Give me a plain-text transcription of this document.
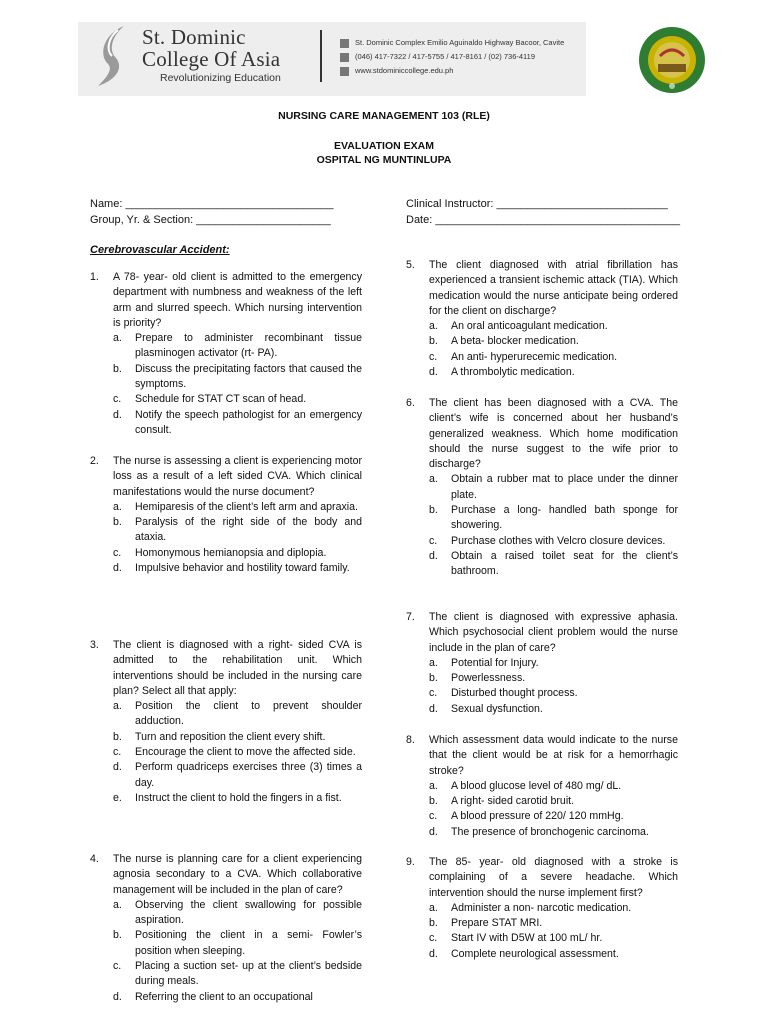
St. Dominic
College Of Asia
Revolutionizing Education
St. Dominic Complex Emilio Aguinaldo Highway Bacoor, Cavite
(046) 417-7322 / 417-5755 / 417-8161 / (02) 736-4119
www.stdominiccollege.edu.ph
NURSING CARE MANAGEMENT 103 (RLE)
EVALUATION EXAM
OSPITAL NG MUNTINLUPA
Name: __________________________________
Group, Yr. & Section: ______________________
Clinical Instructor: ____________________________
Date: ________________________________________
Cerebrovascular Accident:
1.	A 78- year- old client is admitted to the emergency department with numbness and weakness of the left arm and slurred speech. Which nursing intervention is priority?
a. Prepare to administer recombinant tissue plasminogen activator (rt- PA).
b. Discuss the precipitating factors that caused the symptoms.
c. Schedule for STAT CT scan of head.
d. Notify the speech pathologist for an emergency consult.
2.	The nurse is assessing a client is experiencing motor loss as a result of a left sided CVA. Which clinical manifestations would the nurse document?
a. Hemiparesis of the client’s left arm and apraxia.
b. Paralysis of the right side of the body and ataxia.
c. Homonymous hemianopsia and diplopia.
d. Impulsive behavior and hostility toward family.
3.	The client is diagnosed with a right- sided CVA is admitted to the rehabilitation unit. Which interventions should be included in the nursing care plan? Select all that apply:
a. Position the client to prevent shoulder adduction.
b. Turn and reposition the client every shift.
c. Encourage the client to move the affected side.
d. Perform quadriceps exercises three (3) times a day.
e. Instruct the client to hold the fingers in a fist.
4.	The nurse is planning care for a client experiencing agnosia secondary to a CVA. Which collaborative management will be included in the plan of care?
a. Observing the client swallowing for possible aspiration.
b. Positioning the client in a semi- Fowler’s position when sleeping.
c. Placing a suction set- up at the client’s bedside during meals.
d. Referring the client to an occupational
5.	The client diagnosed with atrial fibrillation has experienced a transient ischemic attack (TIA). Which medication would the nurse anticipate being ordered for the client on discharge?
a. An oral anticoagulant medication.
b. A beta- blocker medication.
c. An anti- hyperurecemic medication.
d. A thrombolytic medication.
6.	The client has been diagnosed with a CVA. The client’s wife is concerned about her husband’s generalized weakness. Which home modification should the nurse suggest to the wife prior to discharge?
a. Obtain a rubber mat to place under the dinner plate.
b. Purchase a long- handled bath sponge for showering.
c. Purchase clothes with Velcro closure devices.
d. Obtain a raised toilet seat for the client’s bathroom.
7.	The client is diagnosed with expressive aphasia. Which psychosocial client problem would the nurse include in the plan of care?
a. Potential for Injury.
b. Powerlessness.
c. Disturbed thought process.
d. Sexual dysfunction.
8.	Which assessment data would indicate to the nurse that the client would be at risk for a hemorrhagic stroke?
a. A blood glucose level of 480 mg/ dL.
b. A right- sided carotid bruit.
c. A blood pressure of 220/ 120 mmHg.
d. The presence of bronchogenic carcinoma.
9.	The 85- year- old diagnosed with a stroke is complaining of a severe headache. Which intervention should the nurse implement first?
a. Administer a non- narcotic medication.
b. Prepare STAT MRI.
c. Start IV with D5W at 100 mL/ hr.
d. Complete neurological assessment.
